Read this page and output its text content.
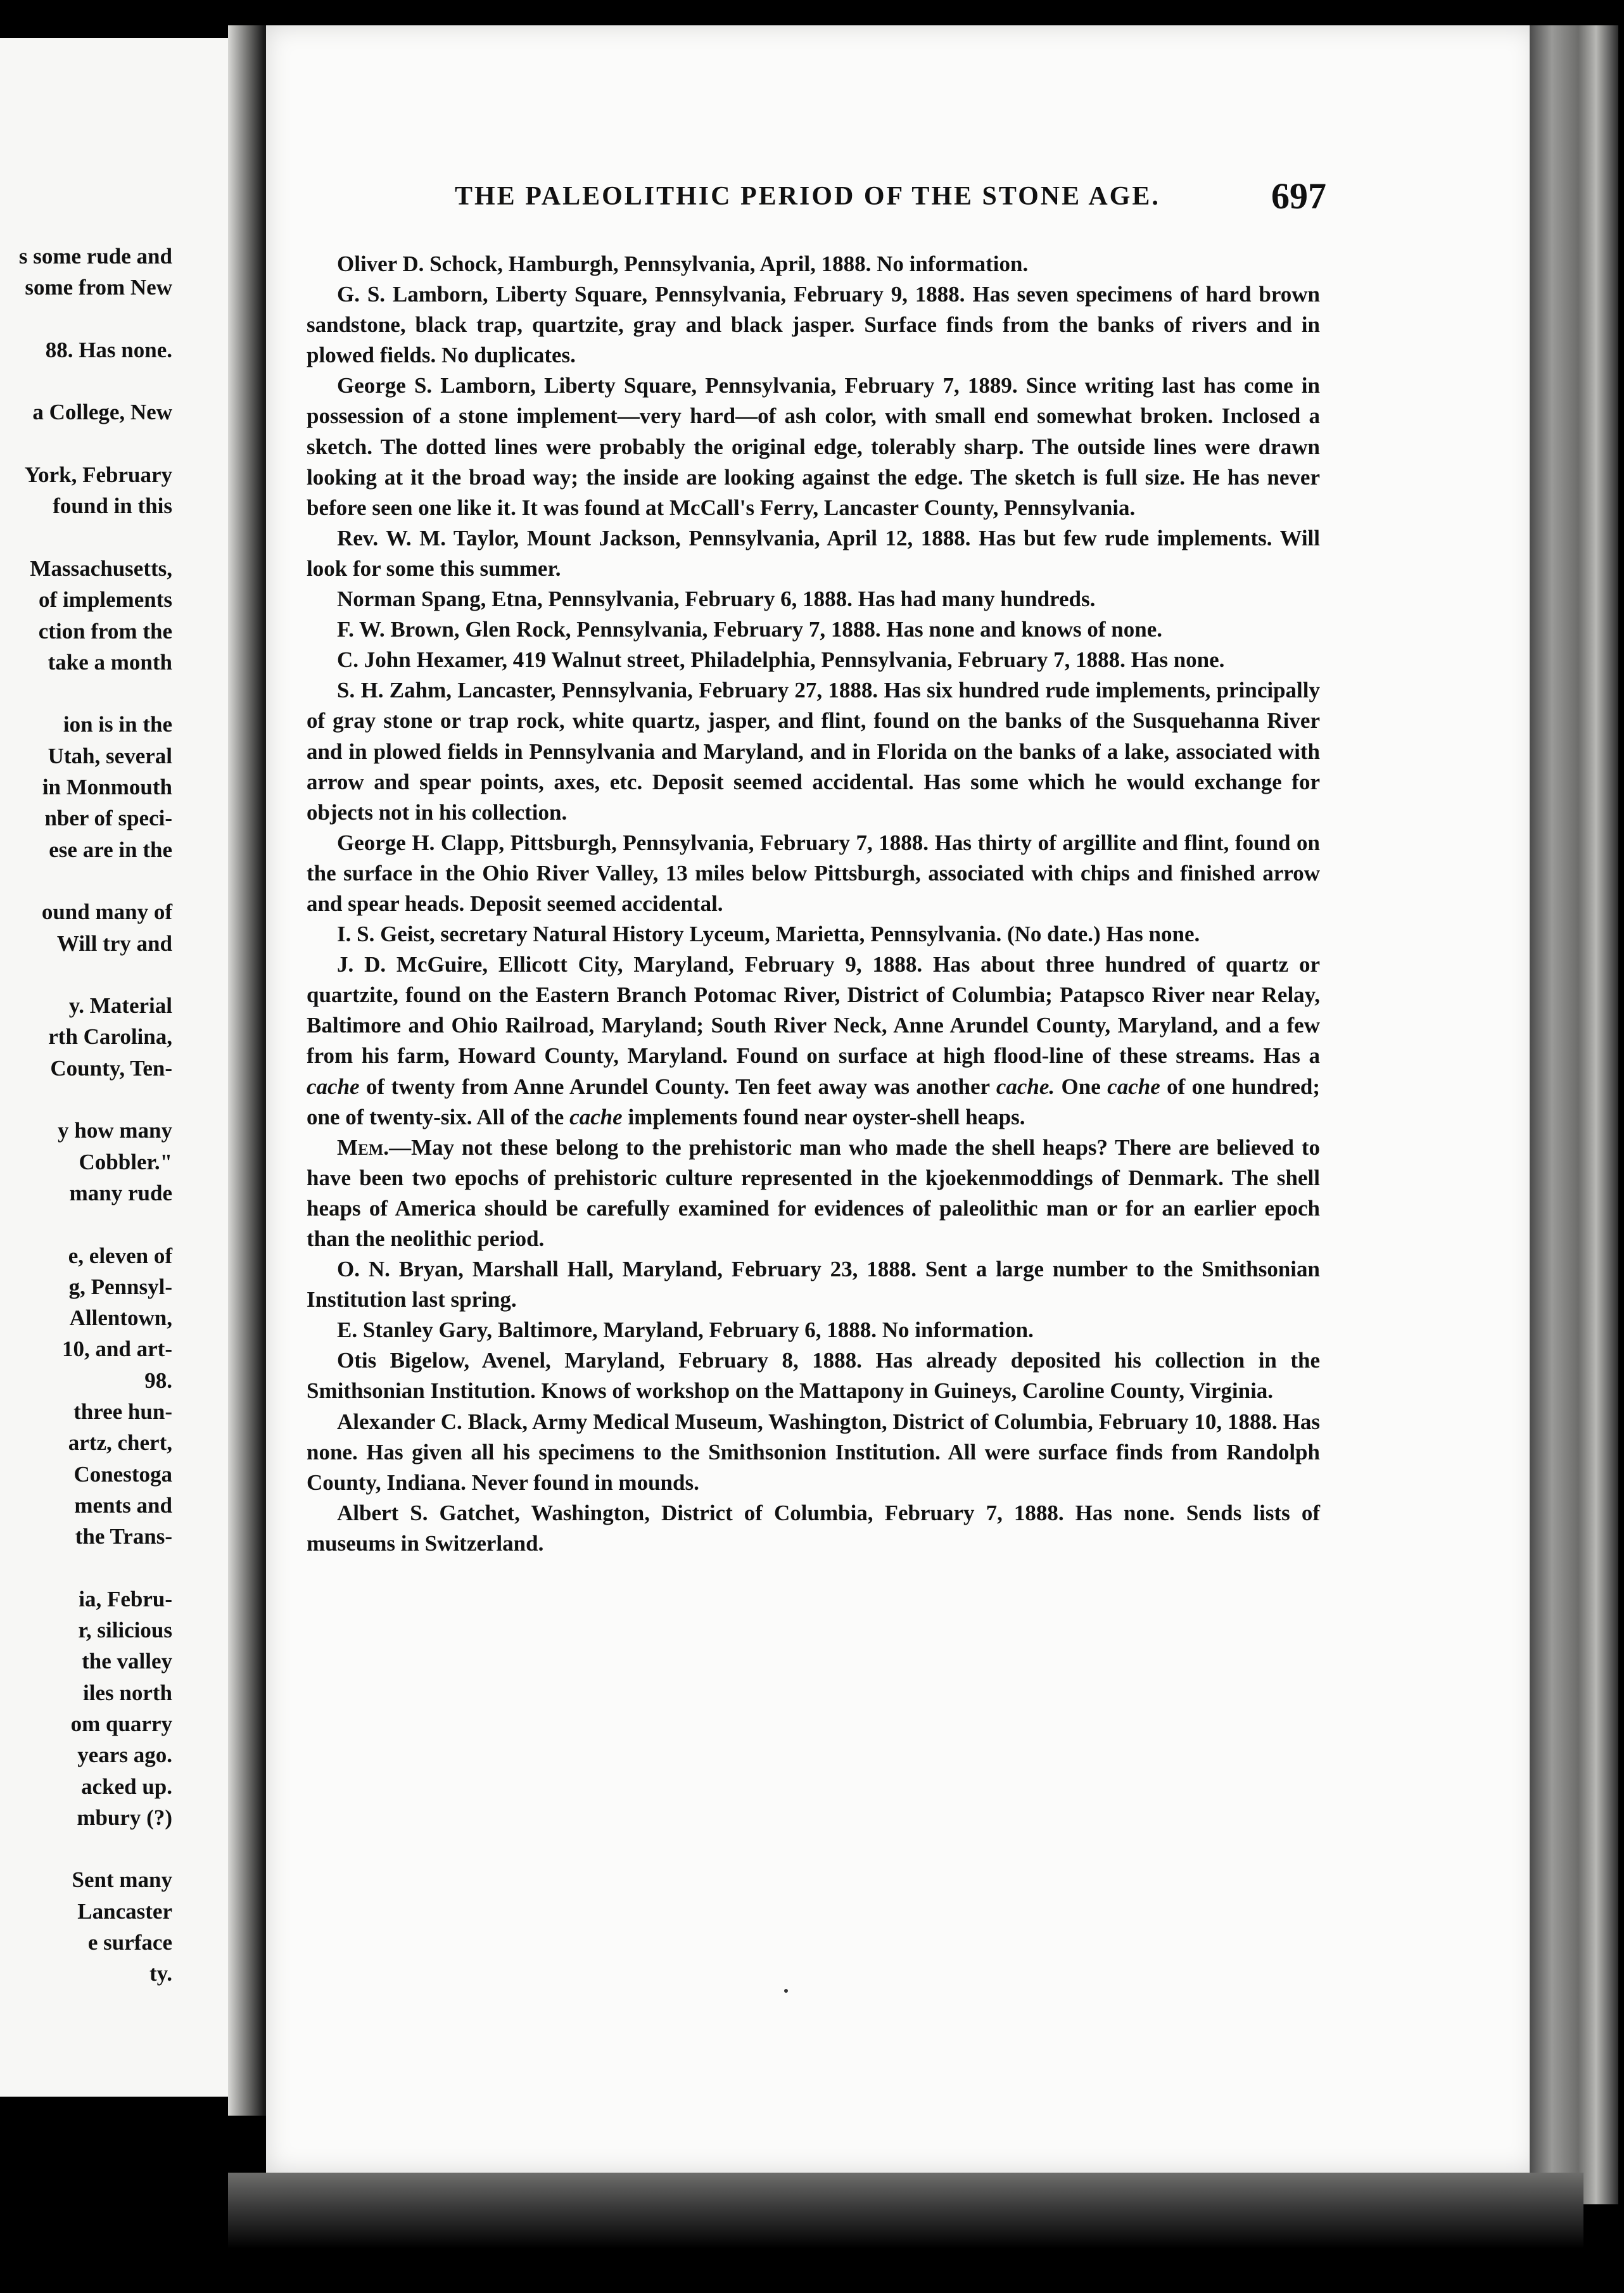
s some rude and
some from New

88. Has none.

a College, New

York, February
found in this

Massachusetts,
of implements
ction from the
take a month

ion is in the
Utah, several
in Monmouth
nber of speci-
ese are in the

ound many of
Will try and

y. Material
rth Carolina,
County, Ten-

y how many
Cobbler."
many rude

e, eleven of
g, Pennsyl-
Allentown,
10, and art-
98.
three hun-
artz, chert,
Conestoga
ments and
the Trans-

ia, Febru-
r, silicious
the valley
iles north
om quarry
years ago.
acked up.
mbury (?)

Sent many
Lancaster
e surface
ty.
THE PALEOLITHIC PERIOD OF THE STONE AGE.	697

Oliver D. Schock, Hamburgh, Pennsylvania, April, 1888. No information.

G. S. Lamborn, Liberty Square, Pennsylvania, February 9, 1888. Has seven specimens of hard brown sandstone, black trap, quartzite, gray and black jasper. Surface finds from the banks of rivers and in plowed fields. No duplicates.

George S. Lamborn, Liberty Square, Pennsylvania, February 7, 1889. Since writing last has come in possession of a stone implement—very hard—of ash color, with small end somewhat broken. Inclosed a sketch. The dotted lines were probably the original edge, tolerably sharp. The outside lines were drawn looking at it the broad way; the inside are looking against the edge. The sketch is full size. He has never before seen one like it. It was found at McCall's Ferry, Lancaster County, Pennsylvania.

Rev. W. M. Taylor, Mount Jackson, Pennsylvania, April 12, 1888. Has but few rude implements. Will look for some this summer.

Norman Spang, Etna, Pennsylvania, February 6, 1888. Has had many hundreds.

F. W. Brown, Glen Rock, Pennsylvania, February 7, 1888. Has none and knows of none.

C. John Hexamer, 419 Walnut street, Philadelphia, Pennsylvania, February 7, 1888. Has none.

S. H. Zahm, Lancaster, Pennsylvania, February 27, 1888. Has six hundred rude implements, principally of gray stone or trap rock, white quartz, jasper, and flint, found on the banks of the Susquehanna River and in plowed fields in Pennsylvania and Maryland, and in Florida on the banks of a lake, associated with arrow and spear points, axes, etc. Deposit seemed accidental. Has some which he would exchange for objects not in his collection.

George H. Clapp, Pittsburgh, Pennsylvania, February 7, 1888. Has thirty of argillite and flint, found on the surface in the Ohio River Valley, 13 miles below Pittsburgh, associated with chips and finished arrow and spear heads. Deposit seemed accidental.

I. S. Geist, secretary Natural History Lyceum, Marietta, Pennsylvania. (No date.) Has none.

J. D. McGuire, Ellicott City, Maryland, February 9, 1888. Has about three hundred of quartz or quartzite, found on the Eastern Branch Potomac River, District of Columbia; Patapsco River near Relay, Baltimore and Ohio Railroad, Maryland; South River Neck, Anne Arundel County, Maryland, and a few from his farm, Howard County, Maryland. Found on surface at high flood-line of these streams. Has a cache of twenty from Anne Arundel County. Ten feet away was another cache. One cache of one hundred; one of twenty-six. All of the cache implements found near oyster-shell heaps.

Mem.—May not these belong to the prehistoric man who made the shell heaps? There are believed to have been two epochs of prehistoric culture represented in the kjoekenmoddings of Denmark. The shell heaps of America should be carefully examined for evidences of paleolithic man or for an earlier epoch than the neolithic period.

O. N. Bryan, Marshall Hall, Maryland, February 23, 1888. Sent a large number to the Smithsonian Institution last spring.

E. Stanley Gary, Baltimore, Maryland, February 6, 1888. No information.

Otis Bigelow, Avenel, Maryland, February 8, 1888. Has already deposited his collection in the Smithsonian Institution. Knows of workshop on the Mattapony in Guineys, Caroline County, Virginia.

Alexander C. Black, Army Medical Museum, Washington, District of Columbia, February 10, 1888. Has none. Has given all his specimens to the Smithsonion Institution. All were surface finds from Randolph County, Indiana. Never found in mounds.

Albert S. Gatchet, Washington, District of Columbia, February 7, 1888. Has none. Sends lists of museums in Switzerland.
